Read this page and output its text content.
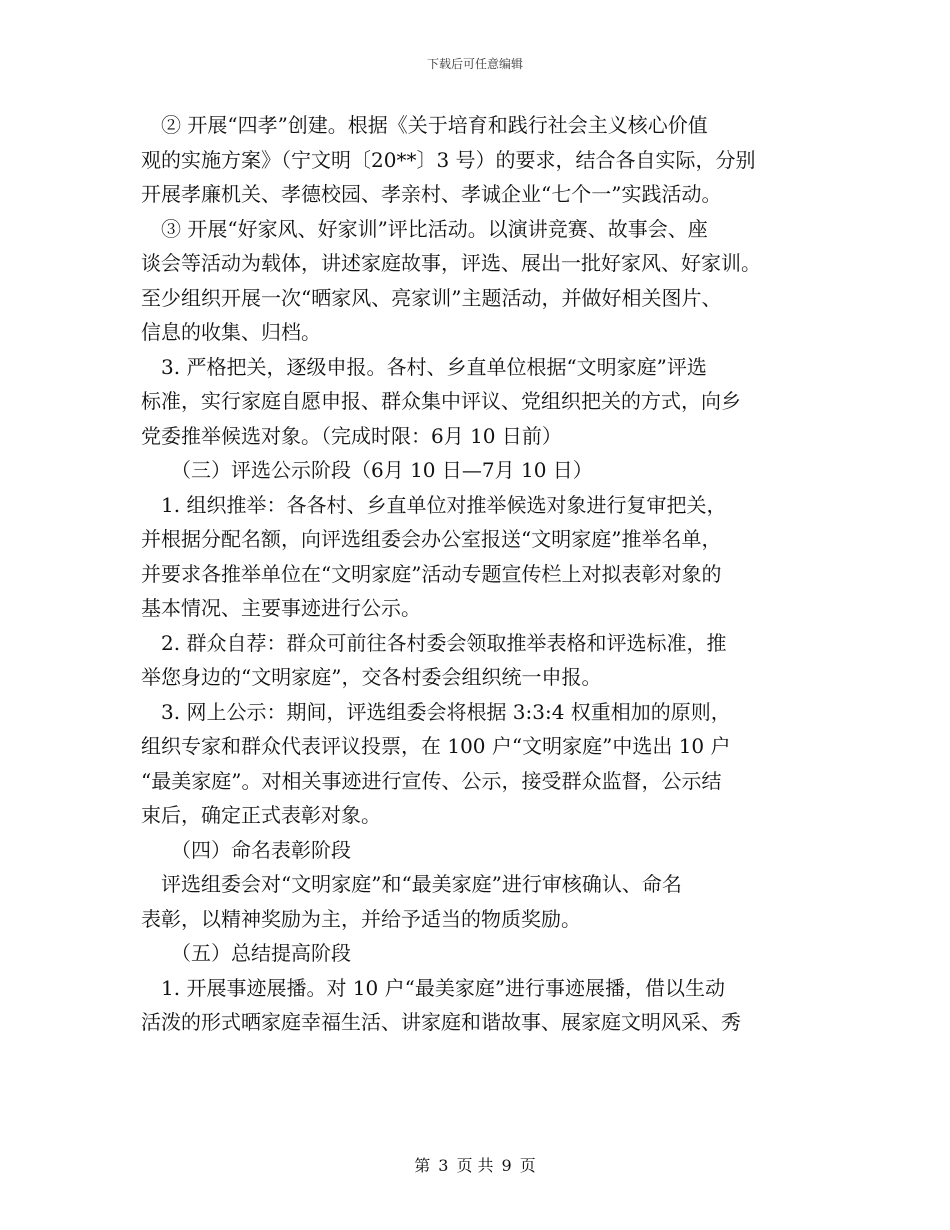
下载后可任意编辑
　② 开展“四孝”创建。根据《关于培育和践行社会主义核心价值
观的实施方案》（宁文明〔20**〕3 号）的要求，结合各自实际，分别
开展孝廉机关、孝德校园、孝亲村、孝诚企业“七个一”实践活动。
　③ 开展“好家风、好家训”评比活动。以演讲竞赛、故事会、座
谈会等活动为载体，讲述家庭故事，评选、展出一批好家风、好家训。
至少组织开展一次“晒家风、亮家训”主题活动，并做好相关图片、
信息的收集、归档。
　3. 严格把关，逐级申报。各村、乡直单位根据“文明家庭”评选
标准，实行家庭自愿申报、群众集中评议、党组织把关的方式，向乡
党委推举候选对象。（完成时限：6月 10 日前）
　　（三）评选公示阶段（6月 10 日—7月 10 日）
　1. 组织推举：各各村、乡直单位对推举候选对象进行复审把关，
并根据分配名额，向评选组委会办公室报送“文明家庭”推举名单，
并要求各推举单位在“文明家庭”活动专题宣传栏上对拟表彰对象的
基本情况、主要事迹进行公示。
　2. 群众自荐：群众可前往各村委会领取推举表格和评选标准，推
举您身边的“文明家庭”，交各村委会组织统一申报。
　3. 网上公示：期间，评选组委会将根据 3:3:4 权重相加的原则，
组织专家和群众代表评议投票，在 100 户“文明家庭”中选出 10 户
“最美家庭”。对相关事迹进行宣传、公示，接受群众监督，公示结
束后，确定正式表彰对象。
　　（四）命名表彰阶段
　评选组委会对“文明家庭”和“最美家庭”进行审核确认、命名
表彰，以精神奖励为主，并给予适当的物质奖励。
　　（五）总结提高阶段
　1. 开展事迹展播。对 10 户“最美家庭”进行事迹展播，借以生动
活泼的形式晒家庭幸福生活、讲家庭和谐故事、展家庭文明风采、秀
第 3 页 共 9 页
